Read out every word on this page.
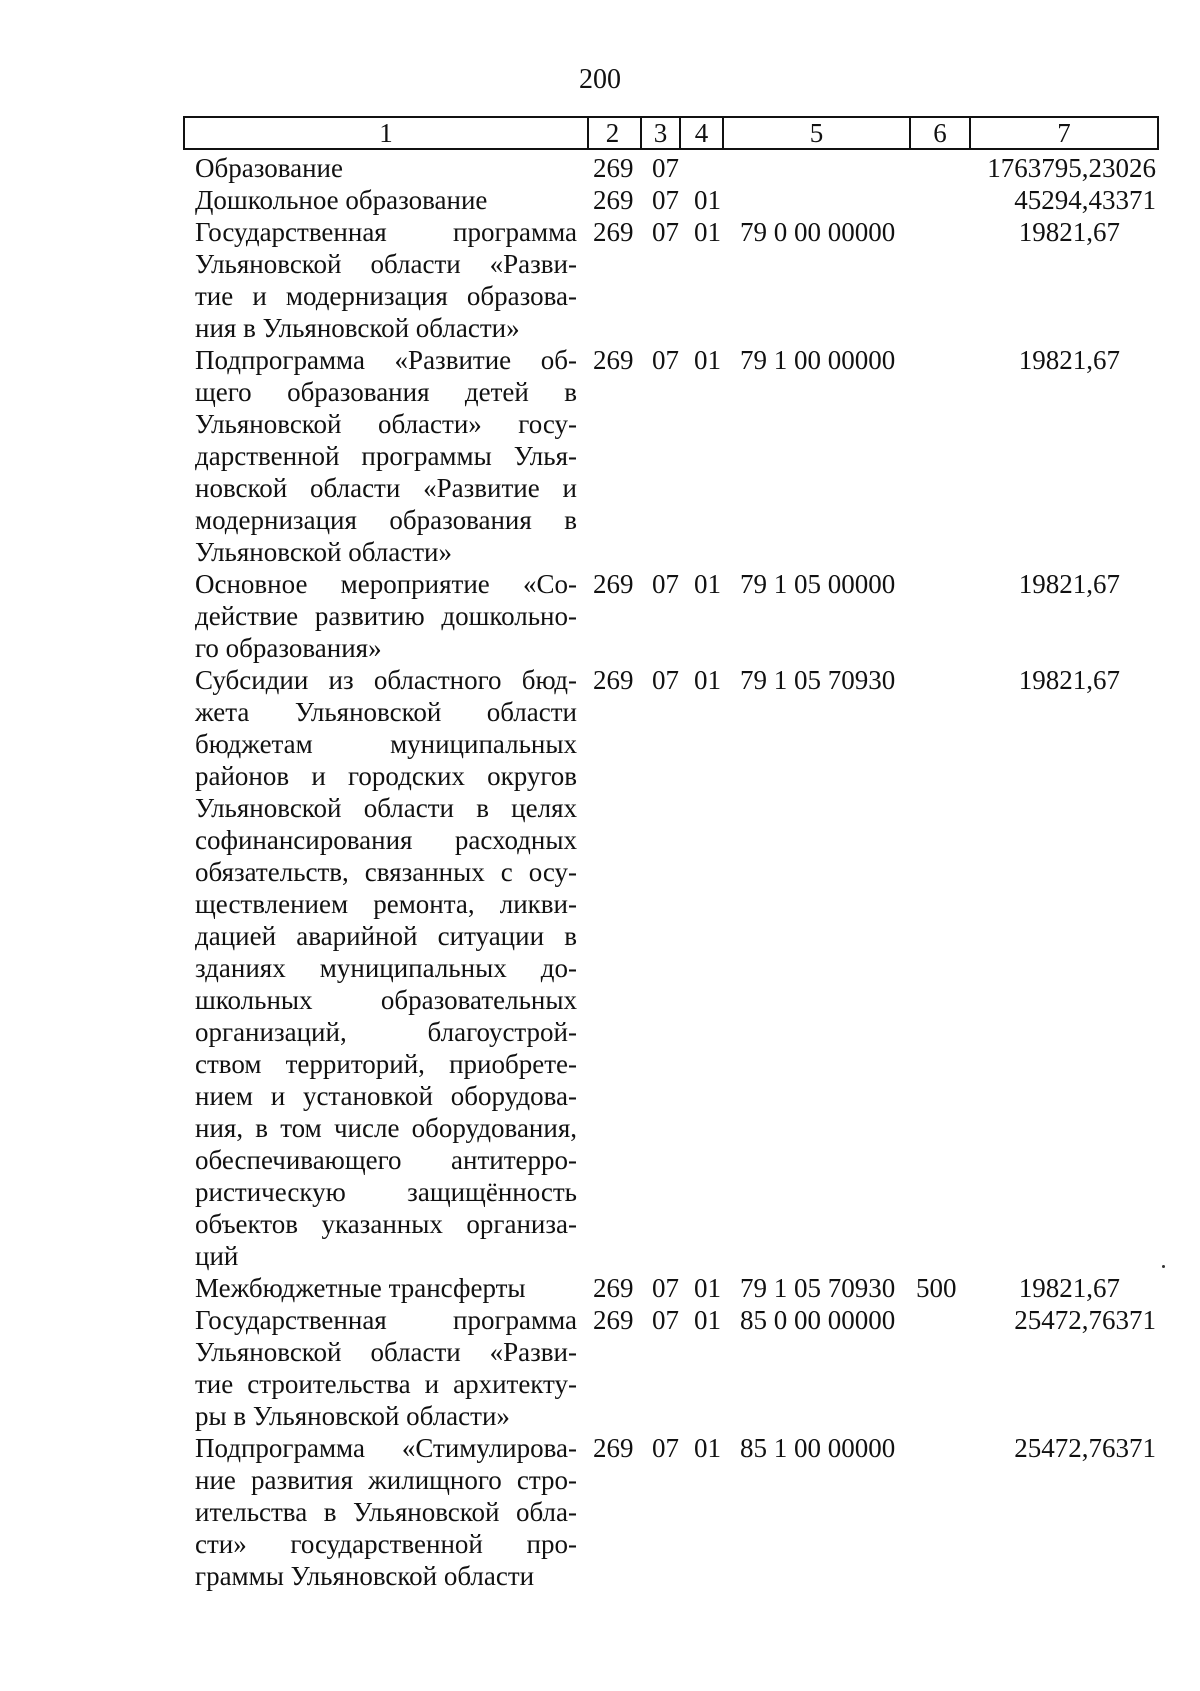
200
1	2	3	4	5	6	7
Образование	269 07	1763795,23026
Дошкольное образование	269 07 01	45294,43371
Государственная программа
Ульяновской области «Разви-
тие и модернизация образова-
ния в Ульяновской области»
269 07 01 79 0 00 00000	19821,67
Подпрограмма «Развитие об-
щего образования детей в
Ульяновской области» госу-
дарственной программы Улья-
новской области «Развитие и
модернизация образования в
Ульяновской области»
269 07 01 79 1 00 00000	19821,67
Основное мероприятие «Со-
действие развитию дошкольно-
го образования»
269 07 01 79 1 05 00000	19821,67
Субсидии из областного бюд-
жета Ульяновской области
бюджетам муниципальных
районов и городских округов
Ульяновской области в целях
софинансирования расходных
обязательств, связанных с осу-
ществлением ремонта, ликви-
дацией аварийной ситуации в
зданиях муниципальных до-
школьных образовательных
организаций, благоустрой-
ством территорий, приобрете-
нием и установкой оборудова-
ния, в том числе оборудования,
обеспечивающего антитерро-
ристическую защищённость
объектов указанных организа-
ций
269 07 01 79 1 05 70930	19821,67
Межбюджетные трансферты	269 07 01 79 1 05 70930 500 19821,67
Государственная программа
Ульяновской области «Разви-
тие строительства и архитекту-
ры в Ульяновской области»
269 07 01 85 0 00 00000	25472,76371
Подпрограмма «Стимулирова-
ние развития жилищного стро-
ительства в Ульяновской обла-
сти» государственной про-
граммы Ульяновской области
269 07 01 85 1 00 00000	25472,76371
